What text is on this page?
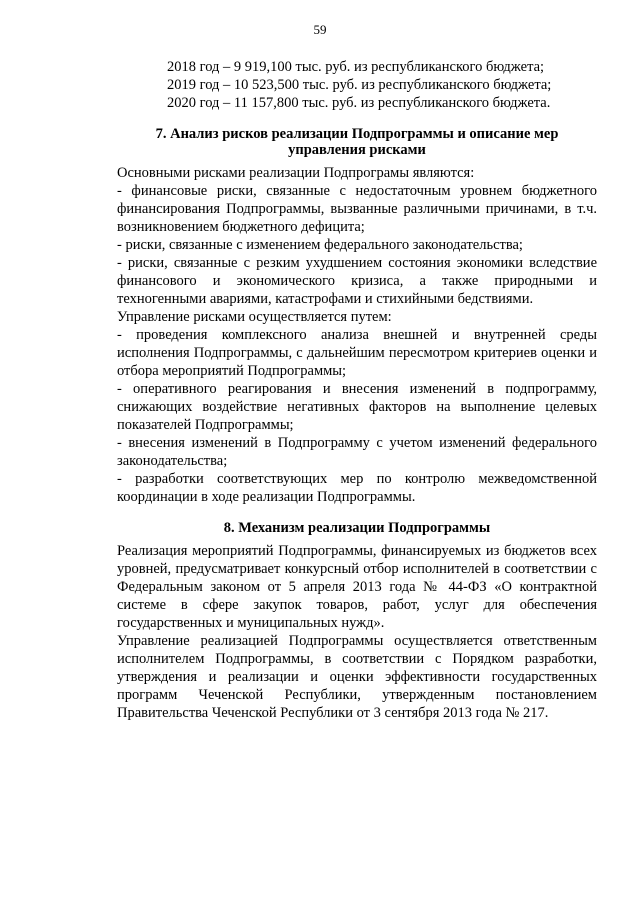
59
2018 год – 9 919,100 тыс. руб. из республиканского бюджета;
2019 год – 10 523,500 тыс. руб. из республиканского бюджета;
2020 год – 11 157,800 тыс. руб. из республиканского бюджета.
7. Анализ рисков реализации Подпрограммы и описание мер управления рисками

Основными рисками реализации Подпрограмы являются:

- финансовые риски, связанные с недостаточным уровнем бюджетного финансирования Подпрограммы, вызванные различными причинами, в т.ч. возникновением бюджетного дефицита;

- риски, связанные с изменением федерального законодательства;

- риски, связанные с резким ухудшением состояния экономики вследствие финансового и экономического кризиса, а также природными и техногенными авариями, катастрофами и стихийными бедствиями.

Управление рисками осуществляется путем:

- проведения комплексного анализа внешней и внутренней среды исполнения Подпрограммы, с дальнейшим пересмотром критериев оценки и отбора мероприятий Подпрограммы;

- оперативного реагирования и внесения изменений в подпрограмму, снижающих воздействие негативных факторов на выполнение целевых показателей Подпрограммы;

- внесения изменений в Подпрограмму с учетом изменений федерального законодательства;

- разработки соответствующих мер по контролю межведомственной координации в ходе реализации Подпрограммы.

8. Механизм реализации Подпрограммы

Реализация мероприятий Подпрограммы, финансируемых из бюджетов всех уровней, предусматривает конкурсный отбор исполнителей в соответствии с Федеральным законом от 5 апреля 2013 года № 44-ФЗ «О контрактной системе в сфере закупок товаров, работ, услуг для обеспечения государственных и муниципальных нужд».

Управление реализацией Подпрограммы осуществляется ответственным исполнителем Подпрограммы, в соответствии с Порядком разработки, утверждения и реализации и оценки эффективности государственных программ Чеченской Республики, утвержденным постановлением Правительства Чеченской Республики от 3 сентября 2013 года № 217.
